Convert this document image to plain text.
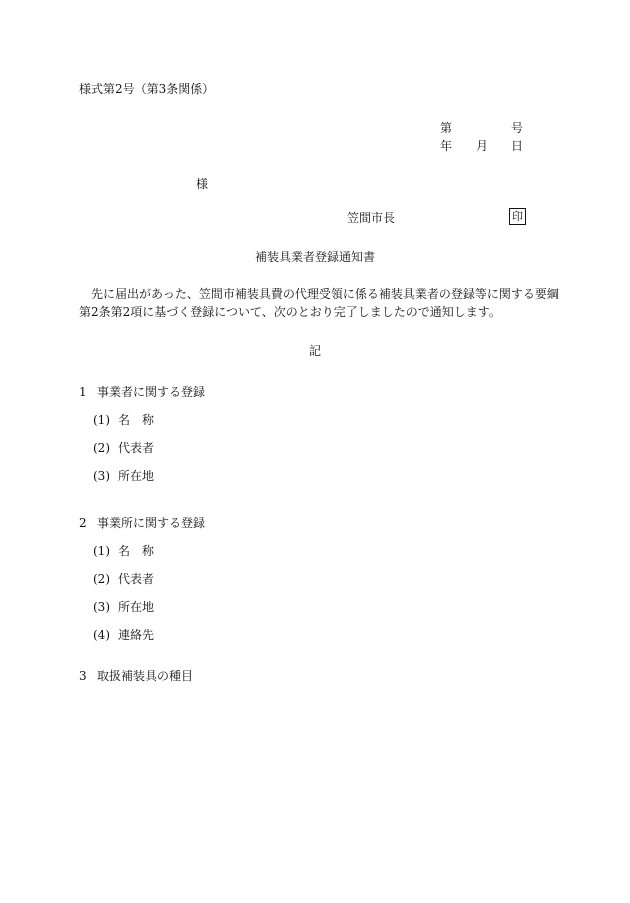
様式第2号（第3条関係）
第	号
年 月 日
様
笠間市長	印
補装具業者登録通知書
　先に届出があった、笠間市補装具費の代理受領に係る補装具業者の登録等に関する要綱
第2条第2項に基づく登録について、次のとおり完了しましたので通知します。
記
1 事業者に関する登録
(1) 名　称
(2) 代表者
(3) 所在地
2 事業所に関する登録
(1) 名　称
(2) 代表者
(3) 所在地
(4) 連絡先
3 取扱補装具の種目
